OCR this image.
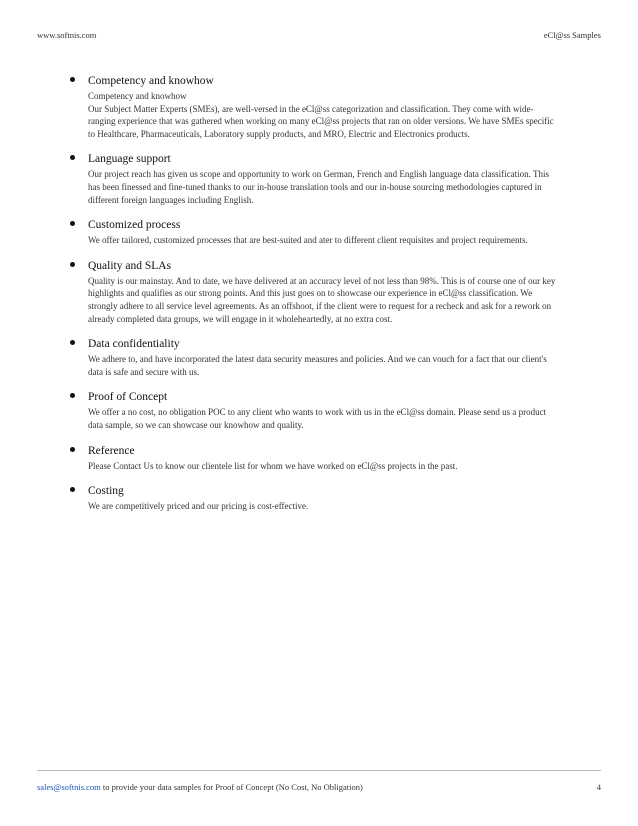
www.softnis.com	eCl@ss Samples
Competency and knowhow
Competency and knowhow
Our Subject Matter Experts (SMEs), are well-versed in the eCl@ss categorization and classification. They come with wide-ranging experience that was gathered when working on many eCl@ss projects that ran on older versions. We have SMEs specific to Healthcare, Pharmaceuticals, Laboratory supply products, and MRO, Electric and Electronics products.
Language support
Our project reach has given us scope and opportunity to work on German, French and English language data classification. This has been finessed and fine-tuned thanks to our in-house translation tools and our in-house sourcing methodologies captured in different foreign languages including English.
Customized process
We offer tailored, customized processes that are best-suited and ater to different client requisites and project requirements.
Quality and SLAs
Quality is our mainstay. And to date, we have delivered at an accuracy level of not less than 98%. This is of course one of our key highlights and qualifies as our strong points. And this just goes on to showcase our experience in eCl@ss classification. We strongly adhere to all service level agreements. As an offshoot, if the client were to request for a recheck and ask for a rework on already completed data groups, we will engage in it wholeheartedly, at no extra cost.
Data confidentiality
We adhere to, and have incorporated the latest data security measures and policies. And we can vouch for a fact that our client's data is safe and secure with us.
Proof of Concept
We offer a no cost, no obligation POC to any client who wants to work with us in the eCl@ss domain. Please send us a product data sample, so we can showcase our knowhow and quality.
Reference
Please Contact Us to know our clientele list for whom we have worked on eCl@ss projects in the past.
Costing
We are competitively priced and our pricing is cost-effective.
sales@softnis.com to provide your data samples for Proof of Concept (No Cost, No Obligation)	4
